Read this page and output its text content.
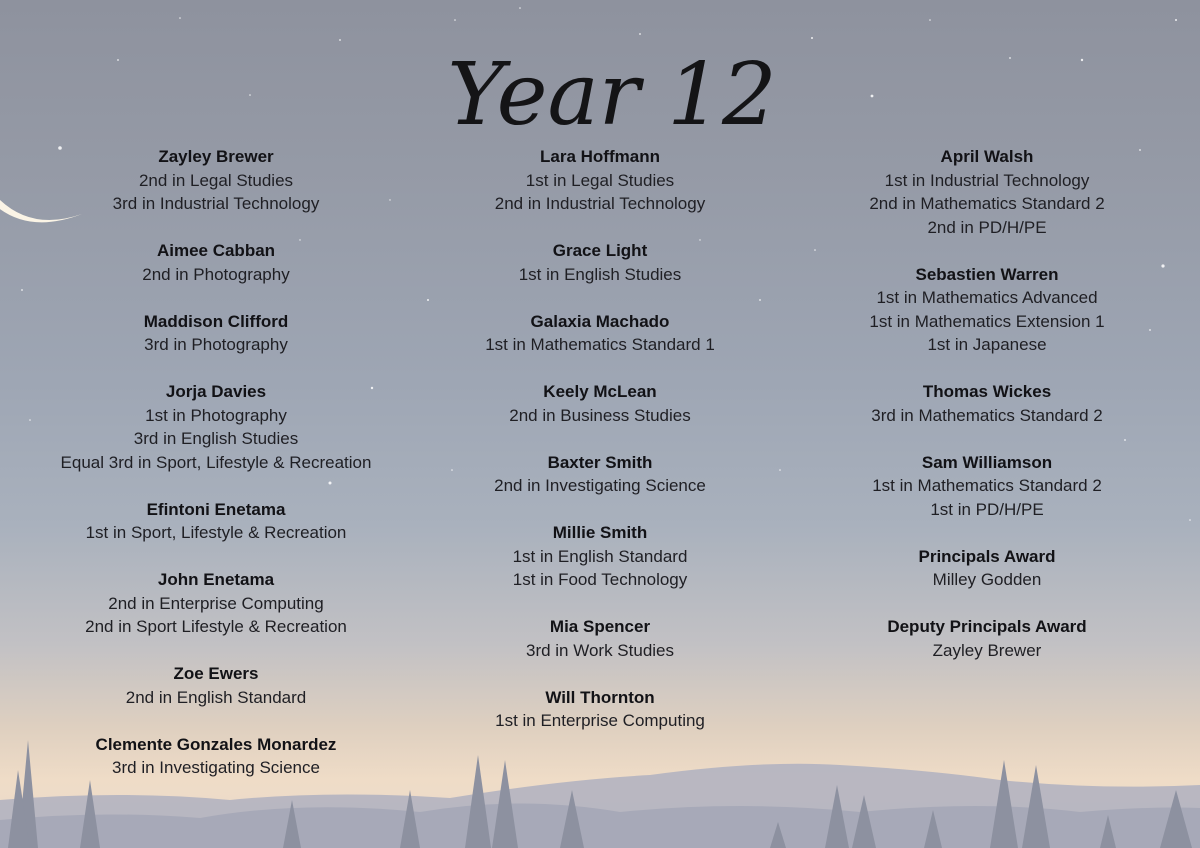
Year 12
Zayley Brewer
2nd in Legal Studies
3rd in Industrial Technology
Aimee Cabban
2nd in Photography
Maddison Clifford
3rd in Photography
Jorja Davies
1st in Photography
3rd in English Studies
Equal 3rd in Sport, Lifestyle & Recreation
Efintoni Enetama
1st in Sport, Lifestyle & Recreation
John Enetama
2nd in Enterprise Computing
2nd in Sport Lifestyle & Recreation
Zoe Ewers
2nd in English Standard
Clemente Gonzales Monardez
3rd in Investigating Science
Lara Hoffmann
1st in Legal Studies
2nd in Industrial Technology
Grace Light
1st in English Studies
Galaxia Machado
1st in Mathematics Standard 1
Keely McLean
2nd in Business Studies
Baxter Smith
2nd in Investigating Science
Millie Smith
1st in English Standard
1st in Food Technology
Mia Spencer
3rd in Work Studies
Will Thornton
1st in Enterprise Computing
April Walsh
1st in Industrial Technology
2nd in Mathematics Standard 2
2nd in PD/H/PE
Sebastien Warren
1st in Mathematics Advanced
1st in Mathematics Extension 1
1st in Japanese
Thomas Wickes
3rd in Mathematics Standard 2
Sam Williamson
1st in Mathematics Standard 2
1st in PD/H/PE
Principals Award
Milley Godden
Deputy Principals Award
Zayley Brewer
